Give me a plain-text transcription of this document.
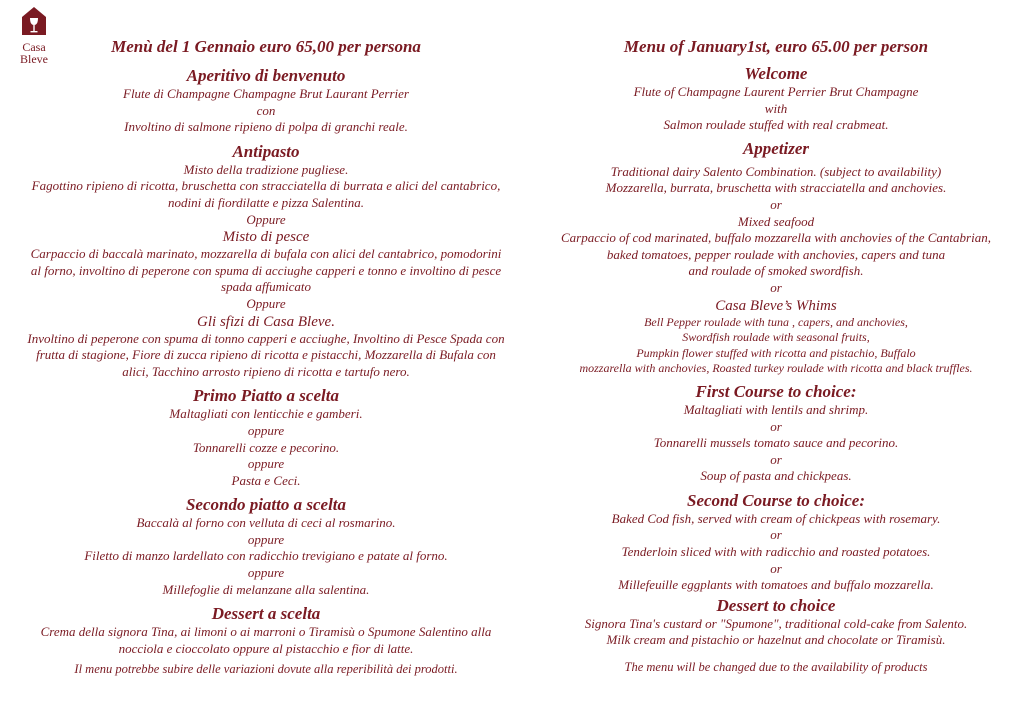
Casa
Bleve
Menù del 1 Gennaio euro 65,00 per persona
Aperitivo di benvenuto
Flute di Champagne Champagne Brut Laurant Perrier
con
Involtino di salmone ripieno di polpa di granchi reale.
Antipasto
Misto della tradizione pugliese.
Fagottino ripieno di ricotta, bruschetta con stracciatella di burrata e alici del cantabrico,
nodini di fiordilatte e pizza Salentina.
Oppure
Misto di pesce
Carpaccio di baccalà marinato, mozzarella di bufala con alici del cantabrico, pomodorini
al forno, involtino di peperone con spuma di acciughe capperi e tonno e involtino di pesce
spada affumicato
Oppure
Gli sfizi di Casa Bleve.
Involtino di peperone con spuma di tonno capperi e acciughe, Involtino di Pesce Spada con
frutta di stagione, Fiore di zucca ripieno di ricotta e pistacchi, Mozzarella di Bufala con
alici, Tacchino arrosto ripieno di ricotta e tartufo nero.
Primo Piatto a scelta
Maltagliati con lenticchie e gamberi.
oppure
Tonnarelli cozze e pecorino.
oppure
Pasta e Ceci.
Secondo piatto a scelta
Baccalà al forno con velluta di ceci al rosmarino.
oppure
Filetto di manzo lardellato con radicchio trevigiano e patate al forno.
oppure
Millefoglie di melanzane alla salentina.
Dessert a scelta
Crema della signora Tina, ai limoni o ai marroni o Tiramisù o Spumone Salentino alla
nocciola e cioccolato oppure al pistacchio e fior di latte.
Il menu potrebbe subire delle variazioni dovute alla reperibilità dei prodotti.
Menu of January1st, euro 65.00 per person
Welcome
Flute of Champagne Laurent Perrier Brut Champagne
with
Salmon roulade stuffed with real crabmeat.
Appetizer
Traditional dairy Salento Combination. (subject to availability)
Mozzarella, burrata, bruschetta with stracciatella and anchovies.
or
Mixed seafood
Carpaccio of cod marinated, buffalo mozzarella with anchovies of the Cantabrian,
baked tomatoes, pepper roulade with anchovies, capers and tuna
and roulade of smoked swordfish.
or
Casa Bleve’s Whims
Bell Pepper roulade with tuna , capers, and anchovies,
Swordfish roulade with seasonal fruits,
Pumpkin flower stuffed with ricotta and pistachio, Buffalo
mozzarella with anchovies, Roasted turkey roulade with ricotta and black truffles.
First Course to choice:
Maltagliati with lentils and shrimp.
or
Tonnarelli mussels tomato sauce and pecorino.
or
Soup of pasta and chickpeas.
Second Course to choice:
Baked Cod fish, served with cream of chickpeas with rosemary.
or
Tenderloin sliced with with radicchio and roasted potatoes.
or
Millefeuille eggplants with tomatoes and buffalo mozzarella.
Dessert to choice
Signora Tina's custard or "Spumone", traditional cold-cake from Salento.
Milk cream and pistachio or hazelnut and chocolate or Tiramisù.
The menu will be changed due to the availability of products
